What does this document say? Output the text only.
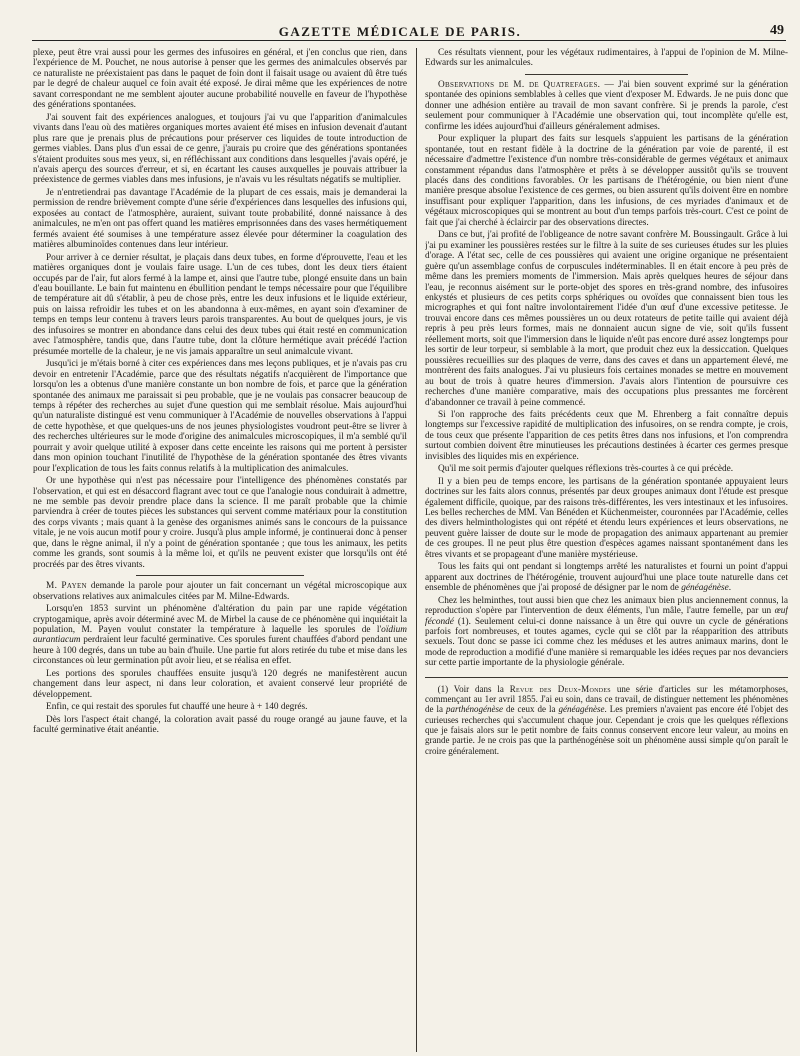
GAZETTE MÉDICALE DE PARIS.	49

plexe, peut être vrai aussi pour les germes des infusoires en général, et j'en conclus que rien, dans l'expérience de M. Pouchet, ne nous autorise à penser que les germes des animalcules observés par ce naturaliste ne préexistaient pas dans le paquet de foin dont il faisait usage ou avaient dû être tués par le degré de chaleur auquel ce foin avait été exposé. Je dirai même que les expériences de notre savant correspondant ne me semblent ajouter aucune probabilité nouvelle en faveur de l'hypothèse des générations spontanées.

J'ai souvent fait des expériences analogues, et toujours j'ai vu que l'apparition d'animalcules vivants dans l'eau où des matières organiques mortes avaient été mises en infusion devenait d'autant plus rare que je prenais plus de précautions pour préserver ces liquides de toute introduction de germes viables. Dans plus d'un essai de ce genre, j'aurais pu croire que des générations spontanées s'étaient produites sous mes yeux, si, en réfléchissant aux conditions dans lesquelles j'avais opéré, je n'avais aperçu des sources d'erreur, et si, en écartant les causes auxquelles je pouvais attribuer la préexistence de germes viables dans mes infusions, je n'avais vu les résultats négatifs se multiplier.

Je n'entretiendrai pas davantage l'Académie de la plupart de ces essais, mais je demanderai la permission de rendre brièvement compte d'une série d'expériences dans lesquelles des infusions qui, exposées au contact de l'atmosphère, auraient, suivant toute probabilité, donné naissance à des animalcules, ne m'en ont pas offert quand les matières emprisonnées dans des vases hermétiquement fermés avaient été soumises à une température assez élevée pour déterminer la coagulation des matières albuminoïdes contenues dans leur intérieur.

Pour arriver à ce dernier résultat, je plaçais dans deux tubes, en forme d'éprouvette, l'eau et les matières organiques dont je voulais faire usage. L'un de ces tubes, dont les deux tiers étaient occupés par de l'air, fut alors fermé à la lampe et, ainsi que l'autre tube, plongé ensuite dans un bain d'eau bouillante. Le bain fut maintenu en ébullition pendant le temps nécessaire pour que l'équilibre de température ait dû s'établir, à peu de chose près, entre les deux infusions et le liquide extérieur, puis on laissa refroidir les tubes et on les abandonna à eux-mêmes, en ayant soin d'examiner de temps en temps leur contenu à travers leurs parois transparentes. Au bout de quelques jours, je vis des infusoires se montrer en abondance dans celui des deux tubes qui était resté en communication avec l'atmosphère, tandis que, dans l'autre tube, dont la clôture hermétique avait précédé l'action présumée mortelle de la chaleur, je ne vis jamais apparaître un seul animalcule vivant.

Jusqu'ici je m'étais borné à citer ces expériences dans mes leçons publiques, et je n'avais pas cru devoir en entretenir l'Académie, parce que des résultats négatifs n'acquièrent de l'importance que lorsqu'on les a obtenus d'une manière constante un bon nombre de fois, et parce que la génération spontanée des animaux me paraissait si peu probable, que je ne voulais pas consacrer beaucoup de temps à répéter des recherches au sujet d'une question qui me semblait résolue. Mais aujourd'hui qu'un naturaliste distingué est venu communiquer à l'Académie de nouvelles observations à l'appui de cette hypothèse, et que quelques-uns de nos jeunes physiologistes voudront peut-être se livrer à des recherches ultérieures sur le mode d'origine des animalcules microscopiques, il m'a semblé qu'il pourrait y avoir quelque utilité à exposer dans cette enceinte les raisons qui me portent à persister dans mon opinion touchant l'inutilité de l'hypothèse de la génération spontanée des êtres vivants pour l'explication de tous les faits connus relatifs à la multiplication des animalcules.

Or une hypothèse qui n'est pas nécessaire pour l'intelligence des phénomènes constatés par l'observation, et qui est en désaccord flagrant avec tout ce que l'analogie nous conduirait à admettre, ne me semble pas devoir prendre place dans la science. Il me paraît probable que la chimie parviendra à créer de toutes pièces les substances qui servent comme matériaux pour la constitution des corps vivants ; mais quant à la genèse des organismes animés sans le concours de la puissance vitale, je ne vois aucun motif pour y croire. Jusqu'à plus ample informé, je continuerai donc à penser que, dans le règne animal, il n'y a point de génération spontanée ; que tous les animaux, les petits comme les grands, sont soumis à la même loi, et qu'ils ne peuvent exister que lorsqu'ils ont été procréés par des êtres vivants.

M. Payen demande la parole pour ajouter un fait concernant un végétal microscopique aux observations relatives aux animalcules citées par M. Milne-Edwards.

Lorsqu'en 1853 survint un phénomène d'altération du pain par une rapide végétation cryptogamique, après avoir déterminé avec M. de Mirbel la cause de ce phénomène qui inquiétait la population, M. Payen voulut constater la température à laquelle les sporules de l'oïdium aurantiacum perdraient leur faculté germinative. Ces sporules furent chauffées d'abord pendant une heure à 100 degrés, dans un tube au bain d'huile. Une partie fut alors retirée du tube et mise dans les circonstances où leur germination pût avoir lieu, et se réalisa en effet.

Les portions des sporules chauffées ensuite jusqu'à 120 degrés ne manifestèrent aucun changement dans leur aspect, ni dans leur coloration, et avaient conservé leur propriété de développement.

Enfin, ce qui restait des sporules fut chauffé une heure à + 140 degrés.

Dès lors l'aspect était changé, la coloration avait passé du rouge orangé au jaune fauve, et la faculté germinative était anéantie.

Ces résultats viennent, pour les végétaux rudimentaires, à l'appui de l'opinion de M. Milne-Edwards sur les animalcules.

Observations de M. de Quatrefages. — J'ai bien souvent exprimé sur la génération spontanée des opinions semblables à celles que vient d'exposer M. Edwards. Je ne puis donc que donner une adhésion entière au travail de mon savant confrère. Si je prends la parole, c'est seulement pour communiquer à l'Académie une observation qui, tout incomplète qu'elle est, confirme les idées aujourd'hui d'ailleurs généralement admises.

Pour expliquer la plupart des faits sur lesquels s'appuient les partisans de la génération spontanée, tout en restant fidèle à la doctrine de la génération par voie de parenté, il est nécessaire d'admettre l'existence d'un nombre très-considérable de germes végétaux et animaux constamment répandus dans l'atmosphère et prêts à se développer aussitôt qu'ils se trouvent placés dans des conditions favorables. Or les partisans de l'hétérogénie, ou bien nient d'une manière presque absolue l'existence de ces germes, ou bien assurent qu'ils doivent être en nombre insuffisant pour expliquer l'apparition, dans les infusions, de ces myriades d'animaux et de végétaux microscopiques qui se montrent au bout d'un temps parfois très-court. C'est ce point de fait que j'ai cherché à éclaircir par des observations directes.

Dans ce but, j'ai profité de l'obligeance de notre savant confrère M. Boussingault. Grâce à lui j'ai pu examiner les poussières restées sur le filtre à la suite de ses curieuses études sur les pluies d'orage. A l'état sec, celle de ces poussières qui avaient une origine organique ne présentaient guère qu'un assemblage confus de corpuscules indéterminables. Il en était encore à peu près de même dans les premiers moments de l'immersion. Mais après quelques heures de séjour dans l'eau, je reconnus aisément sur le porte-objet des spores en très-grand nombre, des infusoires enkystés et plusieurs de ces petits corps sphériques ou ovoïdes que connaissent bien tous les micrographes et qui font naître involontairement l'idée d'un œuf d'une excessive petitesse. Je trouvai encore dans ces mêmes poussières un ou deux rotateurs de petite taille qui avaient déjà repris à peu près leurs formes, mais ne donnaient aucun signe de vie, soit qu'ils fussent réellement morts, soit que l'immersion dans le liquide n'eût pas encore duré assez longtemps pour les sortir de leur torpeur, si semblable à la mort, que produit chez eux la dessiccation. Quelques poussières recueillies sur des plaques de verre, dans des caves et dans un appartement élevé, me montrèrent des faits analogues. J'ai vu plusieurs fois certaines monades se mettre en mouvement au bout de trois à quatre heures d'immersion. J'avais alors l'intention de poursuivre ces recherches d'une manière comparative, mais des occupations plus pressantes me forcèrent d'abandonner ce travail à peine commencé.

Si l'on rapproche des faits précédents ceux que M. Ehrenberg a fait connaître depuis longtemps sur l'excessive rapidité de multiplication des infusoires, on se rendra compte, je crois, de tous ceux que présente l'apparition de ces petits êtres dans nos infusions, et l'on comprendra surtout combien doivent être minutieuses les précautions destinées à écarter ces germes presque invisibles des liquides mis en expérience.

Qu'il me soit permis d'ajouter quelques réflexions très-courtes à ce qui précède.

Il y a bien peu de temps encore, les partisans de la génération spontanée appuyaient leurs doctrines sur les faits alors connus, présentés par deux groupes animaux dont l'étude est presque également difficile, quoique, par des raisons très-différentes, les vers intestinaux et les infusoires. Les belles recherches de MM. Van Bénéden et Küchenmeister, couronnées par l'Académie, celles des divers helminthologistes qui ont répété et étendu leurs expériences et leurs observations, ne peuvent guère laisser de doute sur le mode de propagation des animaux appartenant au premier de ces groupes. Il ne peut plus être question d'espèces agames naissant spontanément dans les êtres vivants et se propageant d'une manière mystérieuse.

Tous les faits qui ont pendant si longtemps arrêté les naturalistes et fourni un point d'appui apparent aux doctrines de l'hétérogénie, trouvent aujourd'hui une place toute naturelle dans cet ensemble de phénomènes que j'ai proposé de désigner par le nom de généagénèse.

Chez les helminthes, tout aussi bien que chez les animaux bien plus anciennement connus, la reproduction s'opère par l'intervention de deux éléments, l'un mâle, l'autre femelle, par un œuf fécondé (1). Seulement celui-ci donne naissance à un être qui ouvre un cycle de générations parfois fort nombreuses, et toutes agames, cycle qui se clôt par la réapparition des attributs sexuels. Tout donc se passe ici comme chez les méduses et les autres animaux marins, dont le mode de reproduction a modifié d'une manière si remarquable les idées reçues par nos devanciers sur cette partie importante de la physiologie générale.

(1) Voir dans la Revue des Deux-Mondes une série d'articles sur les métamorphoses, commençant au 1er avril 1855. J'ai eu soin, dans ce travail, de distinguer nettement les phénomènes de la parthénogénèse de ceux de la généagénèse. Les premiers n'avaient pas encore été l'objet des curieuses recherches qui s'accumulent chaque jour. Cependant je crois que les quelques réflexions que je faisais alors sur le petit nombre de faits connus conservent encore leur valeur, au moins en grande partie. Je ne crois pas que la parthénogénèse soit un phénomène aussi simple qu'on paraît le croire généralement.
